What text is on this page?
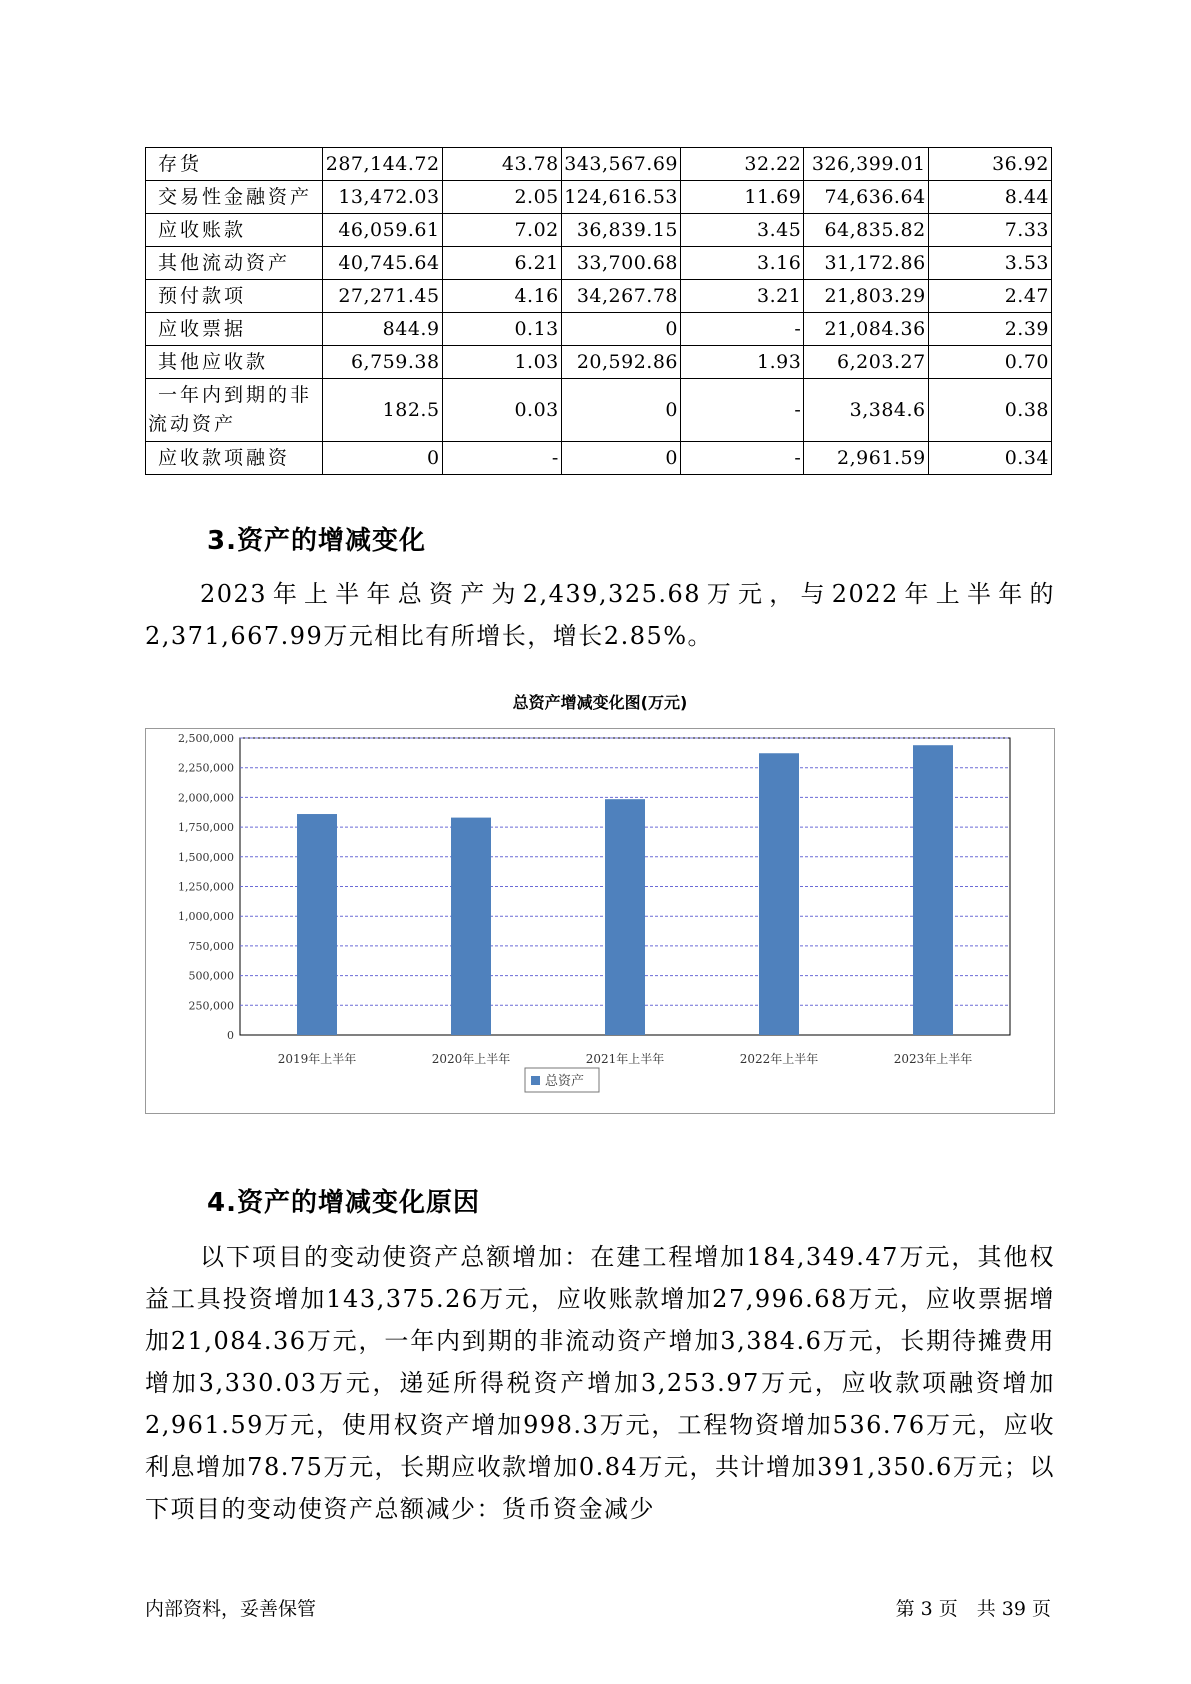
存货	287,144.72	43.78	343,567.69	32.22	326,399.01	36.92
交易性金融资产	13,472.03	2.05	124,616.53	11.69	74,636.64	8.44
应收账款	46,059.61	7.02	36,839.15	3.45	64,835.82	7.33
其他流动资产	40,745.64	6.21	33,700.68	3.16	31,172.86	3.53
预付款项	27,271.45	4.16	34,267.78	3.21	21,803.29	2.47
应收票据	844.9	0.13	0	-	21,084.36	2.39
其他应收款	6,759.38	1.03	20,592.86	1.93	6,203.27	0.70
一年内到期的非流动资产	182.5	0.03	0	-	3,384.6	0.38
应收款项融资	0	-	0	-	2,961.59	0.34
3.资产的增减变化

2023年上半年总资产为2,439,325.68万元，与2022年上半年的2,371,667.99万元相比有所增长，增长2.85%。

总资产增减变化图(万元)
0
250,000
500,000
750,000
1,000,000
1,250,000
1,500,000
1,750,000
2,000,000
2,250,000
2,500,000
2019年上半年	2020年上半年	2021年上半年	2022年上半年	2023年上半年
总资产
4.资产的增减变化原因

以下项目的变动使资产总额增加：在建工程增加184,349.47万元，其他权益工具投资增加143,375.26万元，应收账款增加27,996.68万元，应收票据增加21,084.36万元，一年内到期的非流动资产增加3,384.6万元，长期待摊费用增加3,330.03万元，递延所得税资产增加3,253.97万元，应收款项融资增加2,961.59万元，使用权资产增加998.3万元，工程物资增加536.76万元，应收利息增加78.75万元，长期应收款增加0.84万元，共计增加391,350.6万元；以下项目的变动使资产总额减少：货币资金减少

内部资料，妥善保管	第 3 页　共 39 页
